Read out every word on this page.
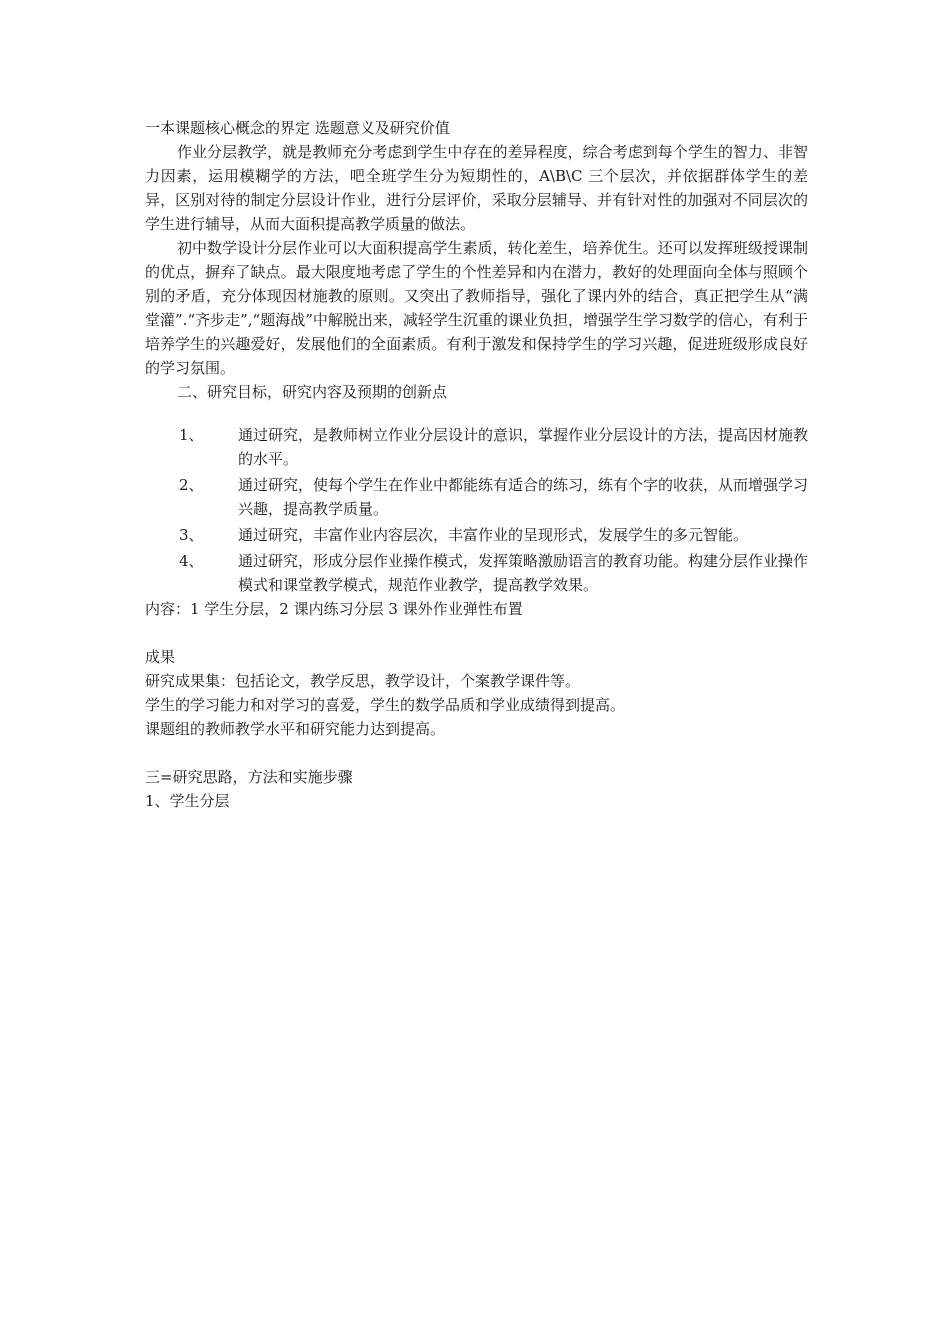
一本课题核心概念的界定 选题意义及研究价值

作业分层教学，就是教师充分考虑到学生中存在的差异程度，综合考虑到每个学生的智力、非智力因素，运用模糊学的方法，吧全班学生分为短期性的，A\B\C 三个层次，并依据群体学生的差异，区别对待的制定分层设计作业，进行分层评价，采取分层辅导、并有针对性的加强对不同层次的学生进行辅导，从而大面积提高教学质量的做法。

初中数学设计分层作业可以大面积提高学生素质，转化差生，培养优生。还可以发挥班级授课制的优点，摒弃了缺点。最大限度地考虑了学生的个性差异和内在潜力，教好的处理面向全体与照顾个别的矛盾，充分体现因材施教的原则。又突出了教师指导，强化了课内外的结合，真正把学生从“满堂灌”.“齐步走”,“题海战”中解脱出来，减轻学生沉重的课业负担，增强学生学习数学的信心，有利于培养学生的兴趣爱好，发展他们的全面素质。有利于激发和保持学生的学习兴趣，促进班级形成良好的学习氛围。

二、研究目标，研究内容及预期的创新点

1、 通过研究，是教师树立作业分层设计的意识，掌握作业分层设计的方法，提高因材施教的水平。
2、 通过研究，使每个学生在作业中都能练有适合的练习，练有个字的收获，从而增强学习兴趣，提高教学质量。
3、 通过研究，丰富作业内容层次，丰富作业的呈现形式，发展学生的多元智能。
4、 通过研究，形成分层作业操作模式，发挥策略激励语言的教育功能。构建分层作业操作模式和课堂教学模式，规范作业教学，提高教学效果。

内容：1 学生分层，2 课内练习分层 3 课外作业弹性布置

成果

研究成果集：包括论文，教学反思，教学设计，个案教学课件等。

学生的学习能力和对学习的喜爱，学生的数学品质和学业成绩得到提高。

课题组的教师教学水平和研究能力达到提高。

三=研究思路，方法和实施步骤

1、学生分层
